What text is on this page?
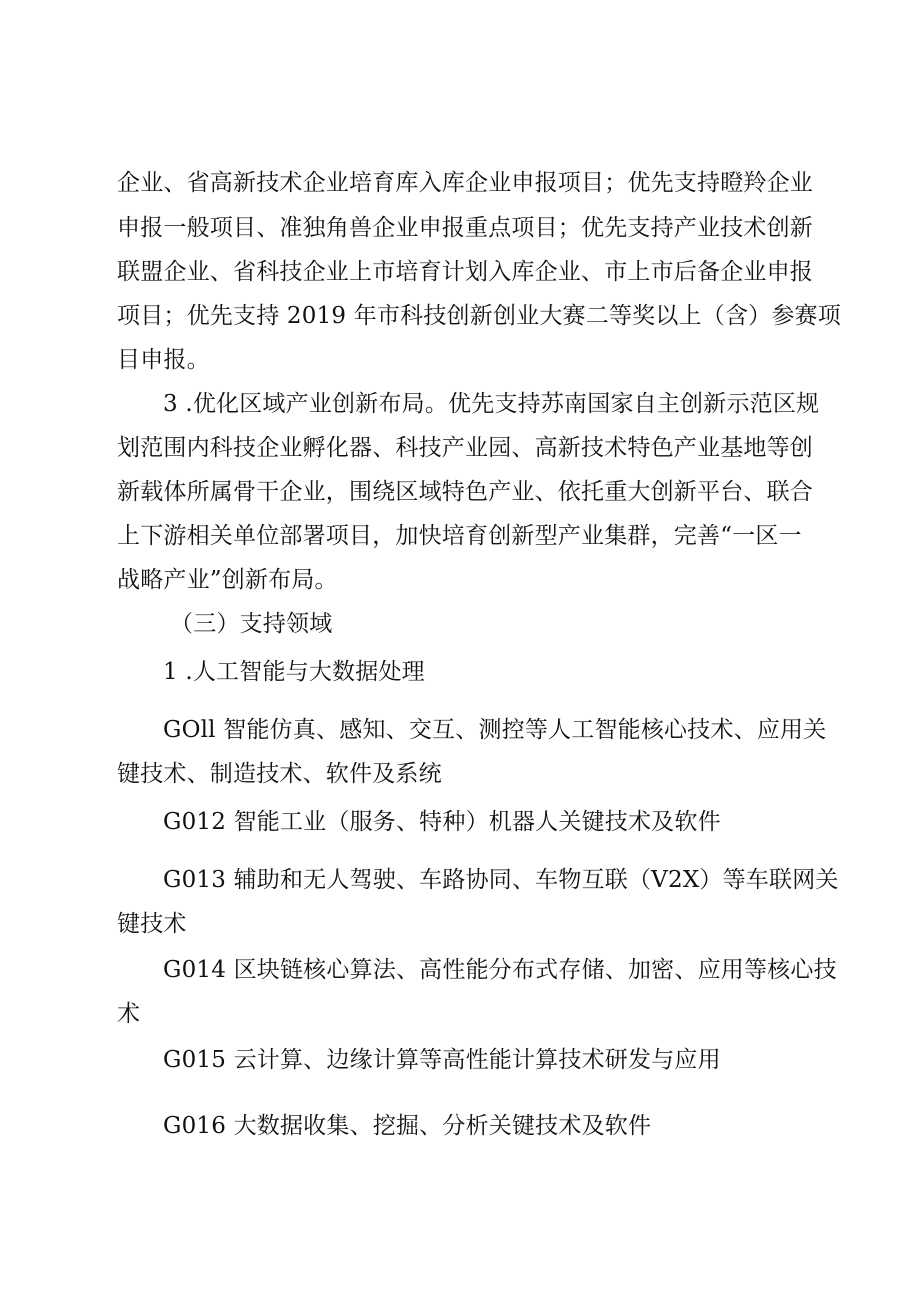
企业、省高新技术企业培育库入库企业申报项目；优先支持瞪羚企业
申报一般项目、准独角兽企业申报重点项目；优先支持产业技术创新
联盟企业、省科技企业上市培育计划入库企业、市上市后备企业申报
项目；优先支持 2019 年市科技创新创业大赛二等奖以上（含）参赛项
目申报。
3 .优化区域产业创新布局。优先支持苏南国家自主创新示范区规
划范围内科技企业孵化器、科技产业园、高新技术特色产业基地等创
新载体所属骨干企业，围绕区域特色产业、依托重大创新平台、联合
上下游相关单位部署项目，加快培育创新型产业集群，完善“一区一
战略产业”创新布局。
（三）支持领域
1 .人工智能与大数据处理
GOll 智能仿真、感知、交互、测控等人工智能核心技术、应用关
键技术、制造技术、软件及系统
G012 智能工业（服务、特种）机器人关键技术及软件
G013 辅助和无人驾驶、车路协同、车物互联（V2X）等车联网关
键技术
G014 区块链核心算法、高性能分布式存储、加密、应用等核心技
术
G015 云计算、边缘计算等高性能计算技术研发与应用
G016 大数据收集、挖掘、分析关键技术及软件
